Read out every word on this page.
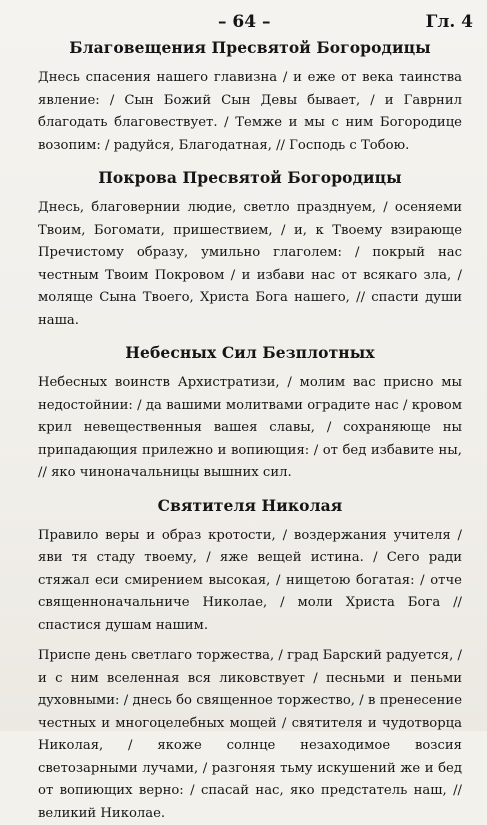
– 64 –	Гл. 4
Благовещения Пресвятой Богородицы

Днесь спасения нашего главизна / и еже от века таинства явление: / Сын Божий Сын Девы бывает, / и Гаврнил благодать благовествует. / Темже и мы с ним Богородице возопим: / радуйся, Благодатная, // Господь с Тобою.

Покрова Пресвятой Богородицы

Днесь, благовернии людие, светло празднуем, / осеняеми Твоим, Богомати, пришествием, / и, к Твоему взирающе Пречистому образу, умильно глаголем: / покрый нас честным Твоим Покровом / и избави нас от всякаго зла, / моляще Сына Твоего, Христа Бога нашего, // спасти души наша.

Небесных Сил Безплотных

Небесных воинств Архистратизи, / молим вас присно мы недостойнии: / да вашими молитвами оградите нас / кровом крил невещественныя вашея славы, / сохраняюще ны припадающия прилежно и вопиющия: / от бед избавите ны, // яко чиноначальницы вышних сил.

Святителя Николая

Правило веры и образ кротости, / воздержания учителя / яви тя стаду твоему, / яже вещей истина. / Сего ради стяжал еси смирением высокая, / нищетою богатая: / отче священноначальниче Николае, / моли Христа Бога // спастися душам нашим.

Приспе день светлаго торжества, / град Барский радуется, / и с ним вселенная вся ликовствует / песньми и пеньми духовными: / днесь бо священное торжество, / в пренесение честных и многоцелебных мощей / святителя и чудотворца Николая, / якоже солнце незаходимое возсия светозарными лучами, / разгоняя тьму искушений же и бед от вопиющих верно: / спасай нас, яко предстатель наш, // великий Николае.
